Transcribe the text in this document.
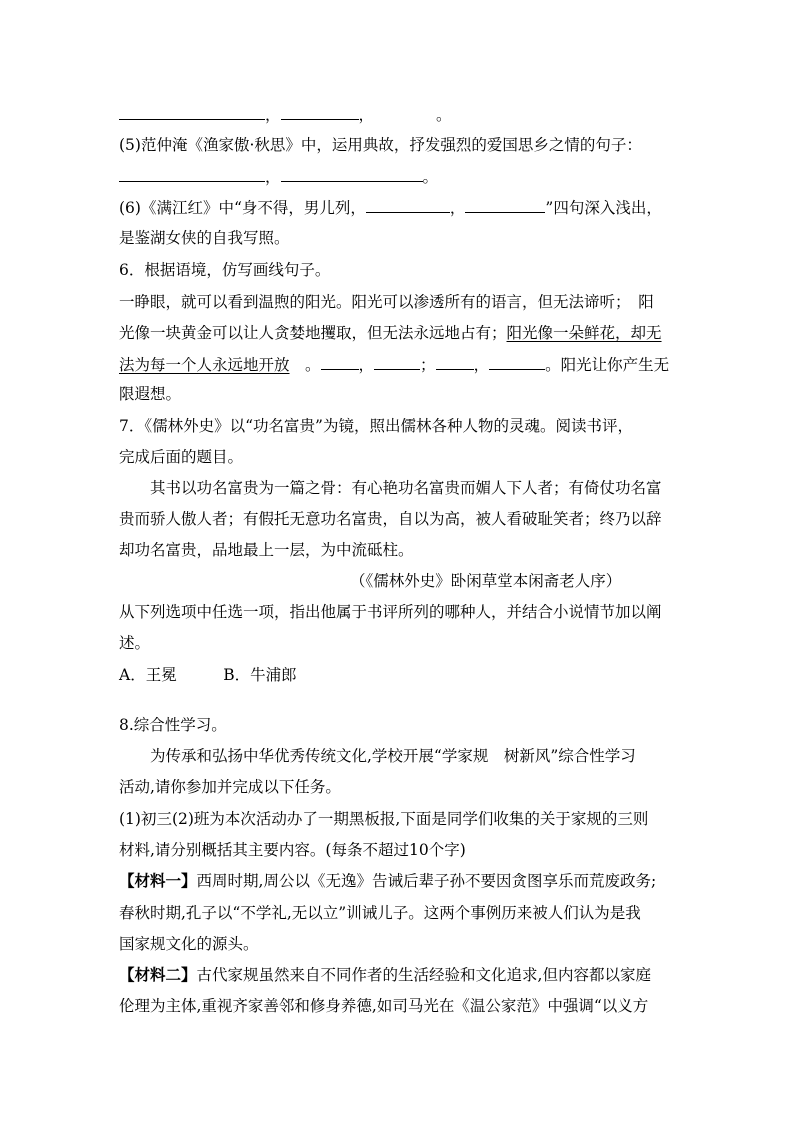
，	，	。
(5)范仲淹《渔家傲·秋思》中，运用典故，抒发强烈的爱国思乡之情的句子：
，	。
(6)《满江红》中“身不得，男儿列，	，	”四句深入浅出，
是鉴湖女侠的自我写照。
6．根据语境，仿写画线句子。
一睁眼，就可以看到温煦的阳光。阳光可以渗透所有的语言，但无法谛听；　阳
光像一块黄金可以让人贪婪地攫取，但无法永远地占有；阳光像一朵鲜花，却无
法为每一个人永远地开放　。 ，	； ，	。阳光让你产生无
限遐想。
7．《儒林外史》以“功名富贵”为镜，照出儒林各种人物的灵魂。阅读书评，
完成后面的题目。
其书以功名富贵为一篇之骨：有心艳功名富贵而媚人下人者；有倚仗功名富
贵而骄人傲人者；有假托无意功名富贵，自以为高，被人看破耻笑者；终乃以辞
却功名富贵，品地最上一层，为中流砥柱。
（《儒林外史》卧闲草堂本闲斋老人序）
从下列选项中任选一项，指出他属于书评所列的哪种人，并结合小说情节加以阐
述。
A．王冕　　　B．牛浦郎
8.综合性学习。
为传承和弘扬中华优秀传统文化,学校开展“学家规　树新风”综合性学习
活动,请你参加并完成以下任务。
(1)初三(2)班为本次活动办了一期黑板报,下面是同学们收集的关于家规的三则
材料,请分别概括其主要内容。(每条不超过10个字)
【材料一】西周时期,周公以《无逸》告诫后辈子孙不要因贪图享乐而荒废政务;
春秋时期,孔子以“不学礼,无以立”训诫儿子。这两个事例历来被人们认为是我
国家规文化的源头。
【材料二】古代家规虽然来自不同作者的生活经验和文化追求,但内容都以家庭
伦理为主体,重视齐家善邻和修身养德,如司马光在《温公家范》中强调“以义方
